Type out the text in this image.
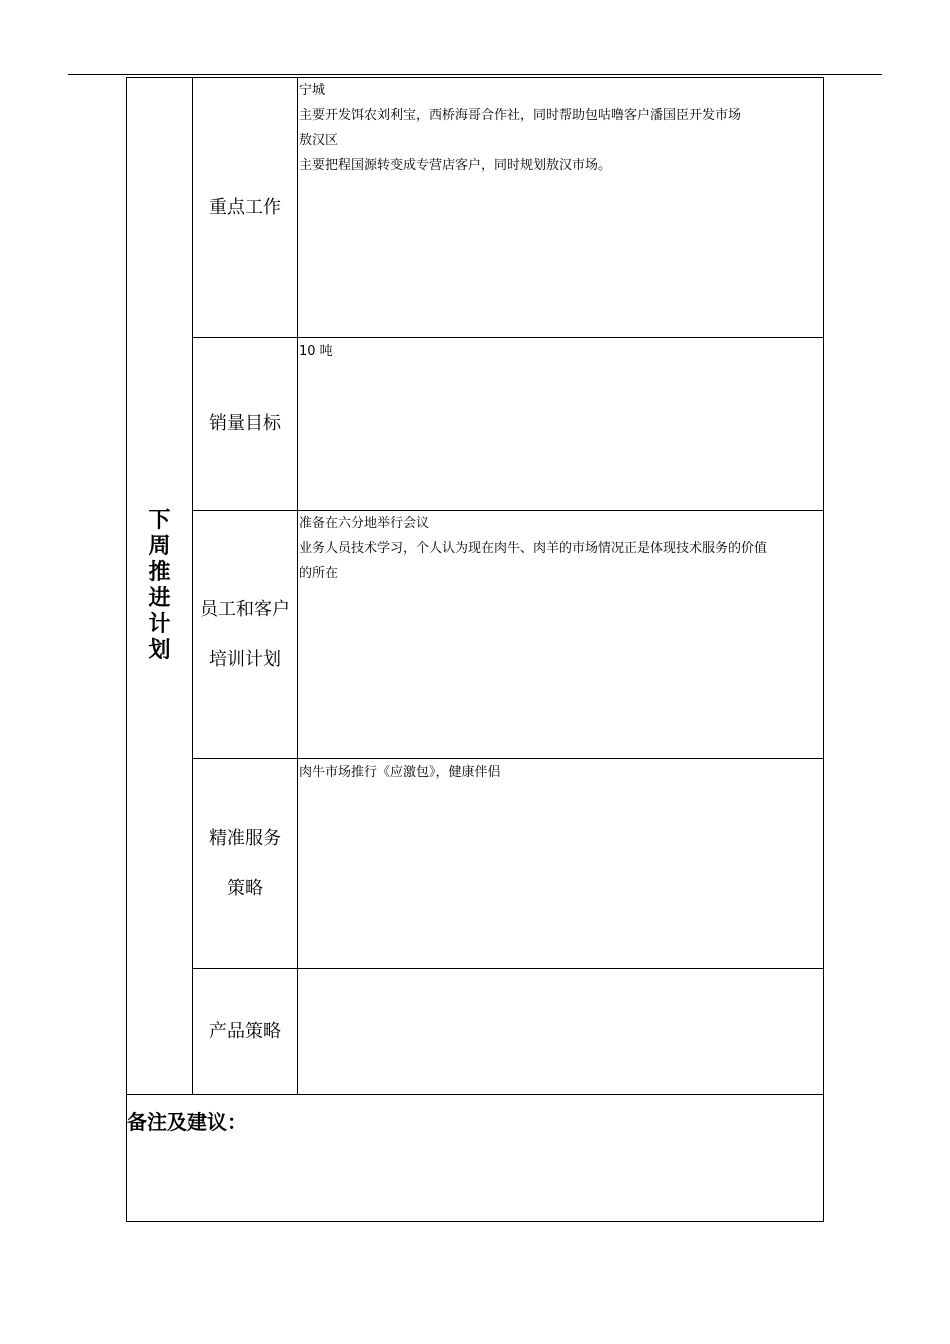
下
周
推
进
计
划
重点工作
宁城
主要开发饵农刘利宝，西桥海哥合作社，同时帮助包咕噜客户潘国臣开发市场
敖汉区
主要把程国源转变成专营店客户，同时规划敖汉市场。
销量目标
10 吨
员工和客户
培训计划
准备在六分地举行会议
业务人员技术学习，个人认为现在肉牛、肉羊的市场情况正是体现技术服务的价值
的所在
精准服务
策略
肉牛市场推行《应激包》，健康伴侣
产品策略
备注及建议：
